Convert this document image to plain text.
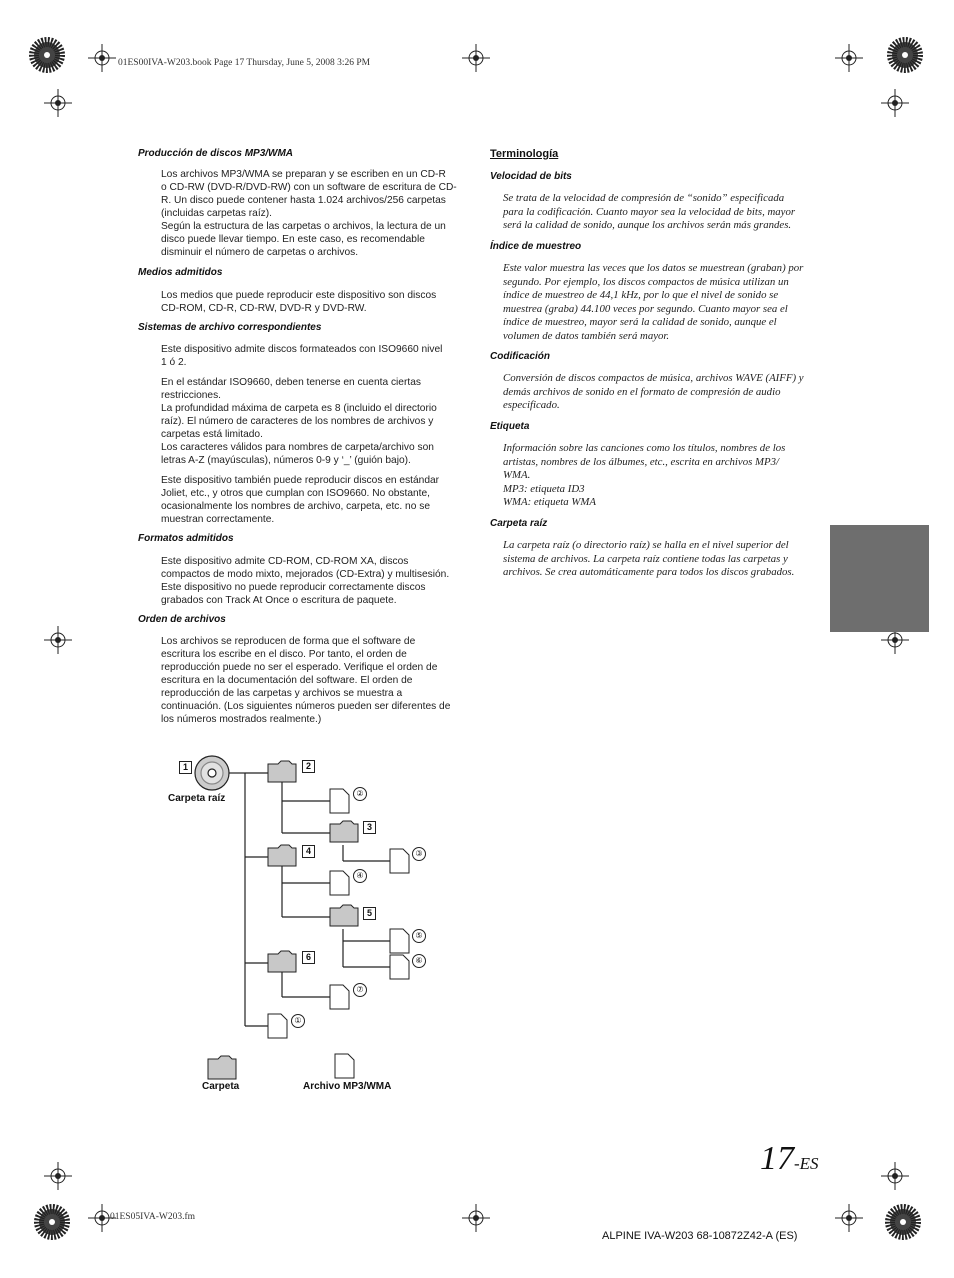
01ES00IVA-W203.book Page 17 Thursday, June 5, 2008 3:26 PM
Producción de discos MP3/WMA
Los archivos MP3/WMA se preparan y se escriben en un CD-R
o CD-RW (DVD-R/DVD-RW) con un software de escritura de CD-
R. Un disco puede contener hasta 1.024 archivos/256 carpetas
(incluidas carpetas raíz).
Según la estructura de las carpetas o archivos, la lectura de un
disco puede llevar tiempo. En este caso, es recomendable
disminuir el número de carpetas o archivos.
Medios admitidos
Los medios que puede reproducir este dispositivo son discos
CD-ROM, CD-R, CD-RW, DVD-R y DVD-RW.
Sistemas de archivo correspondientes
Este dispositivo admite discos formateados con ISO9660 nivel
1 ó 2.
En el estándar ISO9660, deben tenerse en cuenta ciertas
restricciones.
La profundidad máxima de carpeta es 8 (incluido el directorio
raíz). El número de caracteres de los nombres de archivos y
carpetas está limitado.
Los caracteres válidos para nombres de carpeta/archivo son
letras A-Z (mayúsculas), números 0-9 y ‘_’ (guión bajo).
Este dispositivo también puede reproducir discos en estándar
Joliet, etc., y otros que cumplan con ISO9660. No obstante,
ocasionalmente los nombres de archivo, carpeta, etc. no se
muestran correctamente.
Formatos admitidos
Este dispositivo admite CD-ROM, CD-ROM XA, discos
compactos de modo mixto, mejorados (CD-Extra) y multisesión.
Este dispositivo no puede reproducir correctamente discos
grabados con Track At Once o escritura de paquete.
Orden de archivos
Los archivos se reproducen de forma que el software de
escritura los escribe en el disco. Por tanto, el orden de
reproducción puede no ser el esperado. Verifique el orden de
escritura en la documentación del software. El orden de
reproducción de las carpetas y archivos se muestra a
continuación. (Los siguientes números pueden ser diferentes de
los números mostrados realmente.)
Terminología
Velocidad de bits
Se trata de la velocidad de compresión de “sonido” especificada
para la codificación. Cuanto mayor sea la velocidad de bits, mayor
será la calidad de sonido, aunque los archivos serán más grandes.
Índice de muestreo
Este valor muestra las veces que los datos se muestrean (graban) por
segundo. Por ejemplo, los discos compactos de música utilizan un
índice de muestreo de 44,1 kHz, por lo que el nivel de sonido se
muestrea (graba) 44.100 veces por segundo. Cuanto mayor sea el
índice de muestreo, mayor será la calidad de sonido, aunque el
volumen de datos también será mayor.
Codificación
Conversión de discos compactos de música, archivos WAVE (AIFF) y
demás archivos de sonido en el formato de compresión de audio
especificado.
Etiqueta
Información sobre las canciones como los títulos, nombres de los
artistas, nombres de los álbumes, etc., escrita en archivos MP3/
WMA.
MP3: etiqueta ID3
WMA: etiqueta WMA
Carpeta raíz
La carpeta raíz (o directorio raíz) se halla en el nivel superior del
sistema de archivos. La carpeta raíz contiene todas las carpetas y
archivos. Se crea automáticamente para todos los discos grabados.
1	2
3
4
5
6
②
③
④
⑤
⑥
⑦
①
Carpeta raíz
Carpeta	Archivo MP3/WMA
17-ES
01ES05IVA-W203.fm
ALPINE IVA-W203 68-10872Z42-A (ES)
